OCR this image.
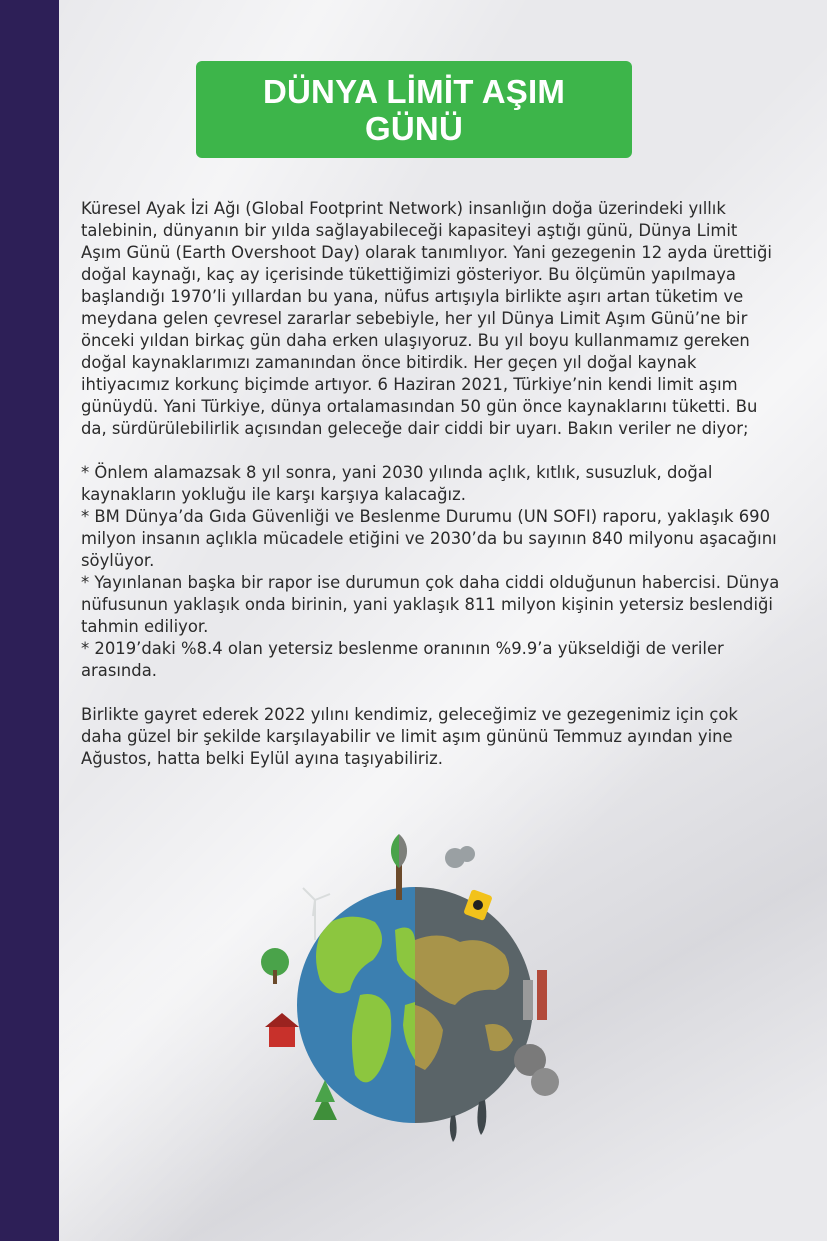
DÜNYA LİMİT AŞIM GÜNÜ

Küresel Ayak İzi Ağı (Global Footprint Network) insanlığın doğa üzerindeki yıllık talebinin, dünyanın bir yılda sağlayabileceği kapasiteyi aştığı günü, Dünya Limit Aşım Günü (Earth Overshoot Day) olarak tanımlıyor. Yani gezegenin 12 ayda ürettiği doğal kaynağı, kaç ay içerisinde tükettiğimizi gösteriyor. Bu ölçümün yapılmaya başlandığı 1970’li yıllardan bu yana, nüfus artışıyla birlikte aşırı artan tüketim ve meydana gelen çevresel zararlar sebebiyle, her yıl Dünya Limit Aşım Günü’ne bir önceki yıldan birkaç gün daha erken ulaşıyoruz. Bu yıl boyu kullanmamız gereken doğal kaynaklarımızı zamanından önce bitirdik. Her geçen yıl doğal kaynak ihtiyacımız korkunç biçimde artıyor. 6 Haziran 2021, Türkiye’nin kendi limit aşım günüydü. Yani Türkiye, dünya ortalamasından 50 gün önce kaynaklarını tüketti. Bu da, sürdürülebilirlik açısından geleceğe dair ciddi bir uyarı. Bakın veriler ne diyor;

* Önlem alamazsak 8 yıl sonra, yani 2030 yılında açlık, kıtlık, susuzluk, doğal kaynakların yokluğu ile karşı karşıya kalacağız.

* BM Dünya’da Gıda Güvenliği ve Beslenme Durumu (UN SOFI) raporu, yaklaşık 690 milyon insanın açlıkla mücadele etiğini ve 2030’da bu sayının 840 milyonu aşacağını söylüyor.

* Yayınlanan başka bir rapor ise durumun çok daha ciddi olduğunun habercisi. Dünya nüfusunun yaklaşık onda birinin, yani yaklaşık 811 milyon kişinin yetersiz beslendiği tahmin ediliyor.

* 2019’daki %8.4 olan yetersiz beslenme oranının %9.9’a yükseldiği de veriler arasında.

Birlikte gayret ederek 2022 yılını kendimiz, geleceğimiz ve gezegenimiz için çok daha güzel bir şekilde karşılayabilir ve limit aşım gününü Temmuz ayından yine Ağustos, hatta belki Eylül ayına taşıyabiliriz.
